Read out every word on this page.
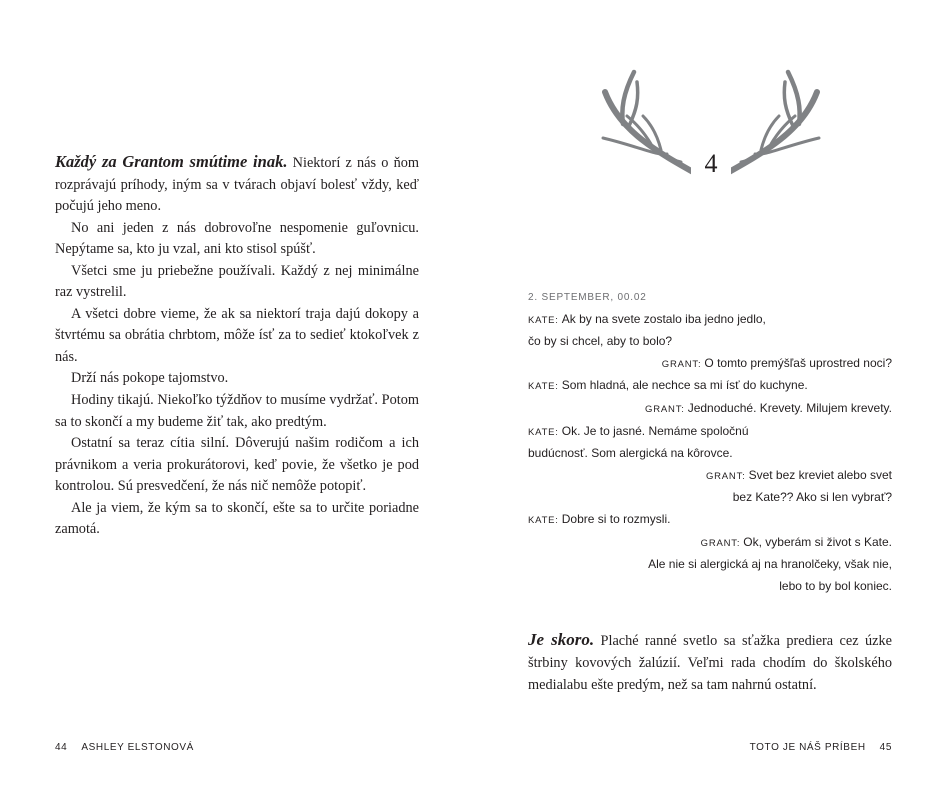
Každý za Grantom smútime inak. Niektorí z nás o ňom rozprávajú príhody, iným sa v tvárach objaví bolesť vždy, keď počujú jeho meno.

No ani jeden z nás dobrovoľne nespomenie guľovnicu. Nepýtame sa, kto ju vzal, ani kto stisol spúšť.

Všetci sme ju priebežne používali. Každý z nej minimálne raz vystrelil.

A všetci dobre vieme, že ak sa niektorí traja dajú dokopy a štvrtému sa obrátia chrbtom, môže ísť za to sedieť ktokoľvek z nás.

Drží nás pokope tajomstvo.

Hodiny tikajú. Niekoľko týždňov to musíme vydržať. Potom sa to skončí a my budeme žiť tak, ako predtým.

Ostatní sa teraz cítia silní. Dôverujú našim rodičom a ich právnikom a veria prokurátorovi, keď povie, že všetko je pod kontrolou. Sú presvedčení, že nás nič nemôže potopiť.

Ale ja viem, že kým sa to skončí, ešte sa to určite poriadne zamotá.

44 ASHLEY ELSTONOVÁ
4
2. SEPTEMBER, 00.02
KATE: Ak by na svete zostalo iba jedno jedlo,
čo by si chcel, aby to bolo?
GRANT: O tomto premýšľaš uprostred noci?
KATE: Som hladná, ale nechce sa mi ísť do kuchyne.
GRANT: Jednoduché. Krevety. Milujem krevety.
KATE: Ok. Je to jasné. Nemáme spoločnú
budúcnosť. Som alergická na kôrovce.
GRANT: Svet bez kreviet alebo svet
bez Kate?? Ako si len vybrať?
KATE: Dobre si to rozmysli.
GRANT: Ok, vyberám si život s Kate.
Ale nie si alergická aj na hranolčeky, však nie,
lebo to by bol koniec.

Je skoro. Plaché ranné svetlo sa sťažka prediera cez úzke štrbiny kovových žalúzií. Veľmi rada chodím do školského medialabu ešte predým, než sa tam nahrnú ostatní.

TOTO JE NÁŠ PRÍBEH 45
